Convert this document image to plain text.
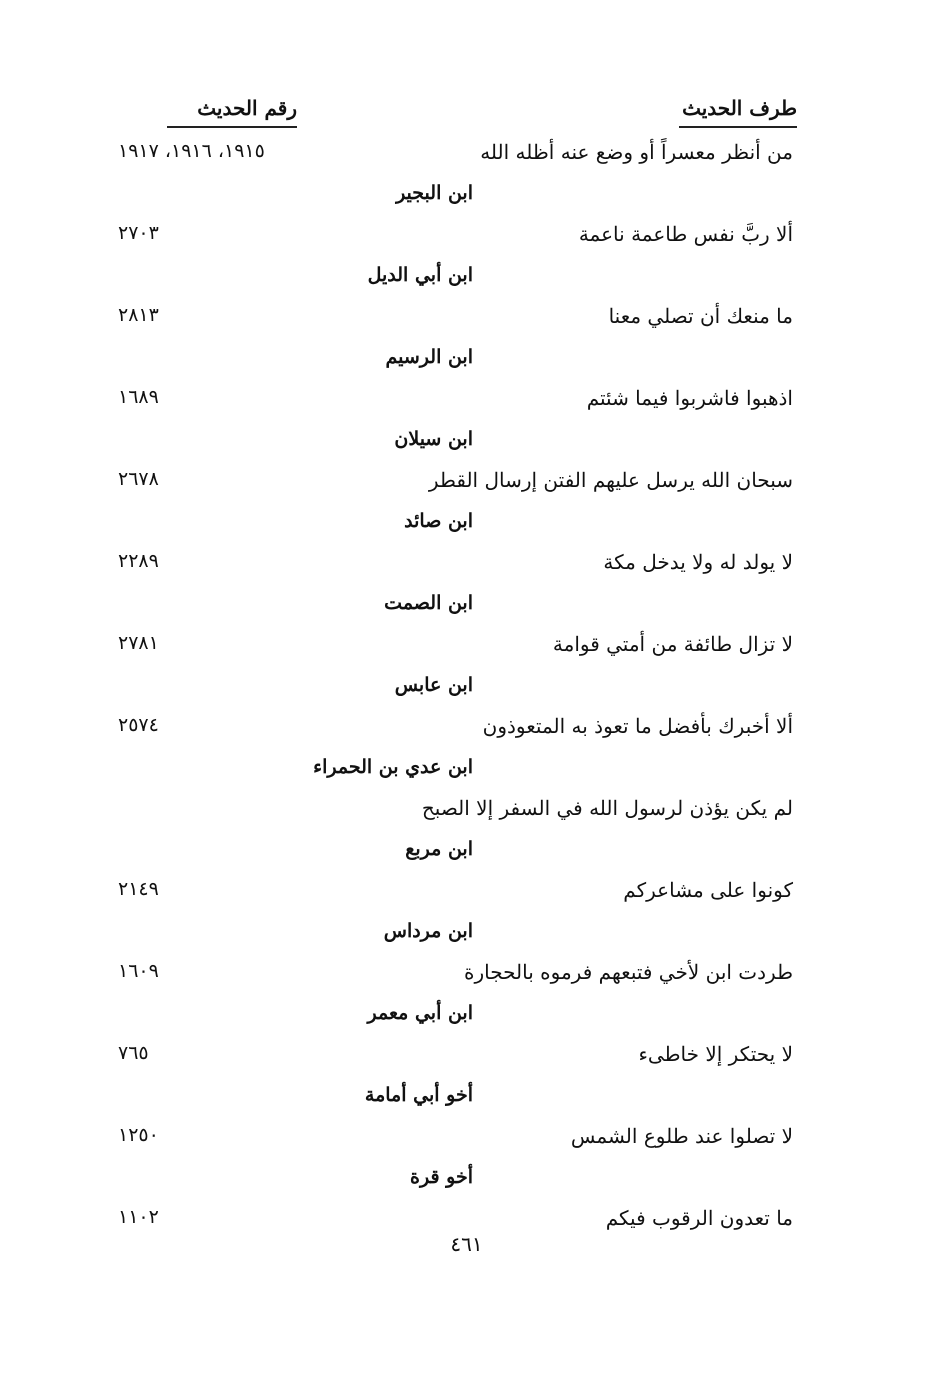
طرف الحديث
رقم الحديث
من أنظر معسراً أو وضع عنه أظله الله
١٩١٥، ١٩١٦، ١٩١٧
ابن البجير
ألا ربَّ نفس طاعمة ناعمة
٢٧٠٣
ابن أبي الديل
ما منعك أن تصلي معنا
٢٨١٣
ابن الرسيم
اذهبوا فاشربوا فيما شئتم
١٦٨٩
ابن سيلان
سبحان الله يرسل عليهم الفتن إرسال القطر
٢٦٧٨
ابن صائد
لا يولد له ولا يدخل مكة
٢٢٨٩
ابن الصمت
لا تزال طائفة من أمتي قوامة
٢٧٨١
ابن عابس
ألا أخبرك بأفضل ما تعوذ به المتعوذون
٢٥٧٤
ابن عدي بن الحمراء
لم يكن يؤذن لرسول الله في السفر إلا الصبح
ابن مربع
كونوا على مشاعركم
٢١٤٩
ابن مرداس
طردت ابن لأخي فتبعهم فرموه بالحجارة
١٦٠٩
ابن أبي معمر
لا يحتكر إلا خاطىء
٧٦٥
أخو أبي أمامة
لا تصلوا عند طلوع الشمس
١٢٥٠
أخو قرة
ما تعدون الرقوب فيكم
١١٠٢
٤٦١
